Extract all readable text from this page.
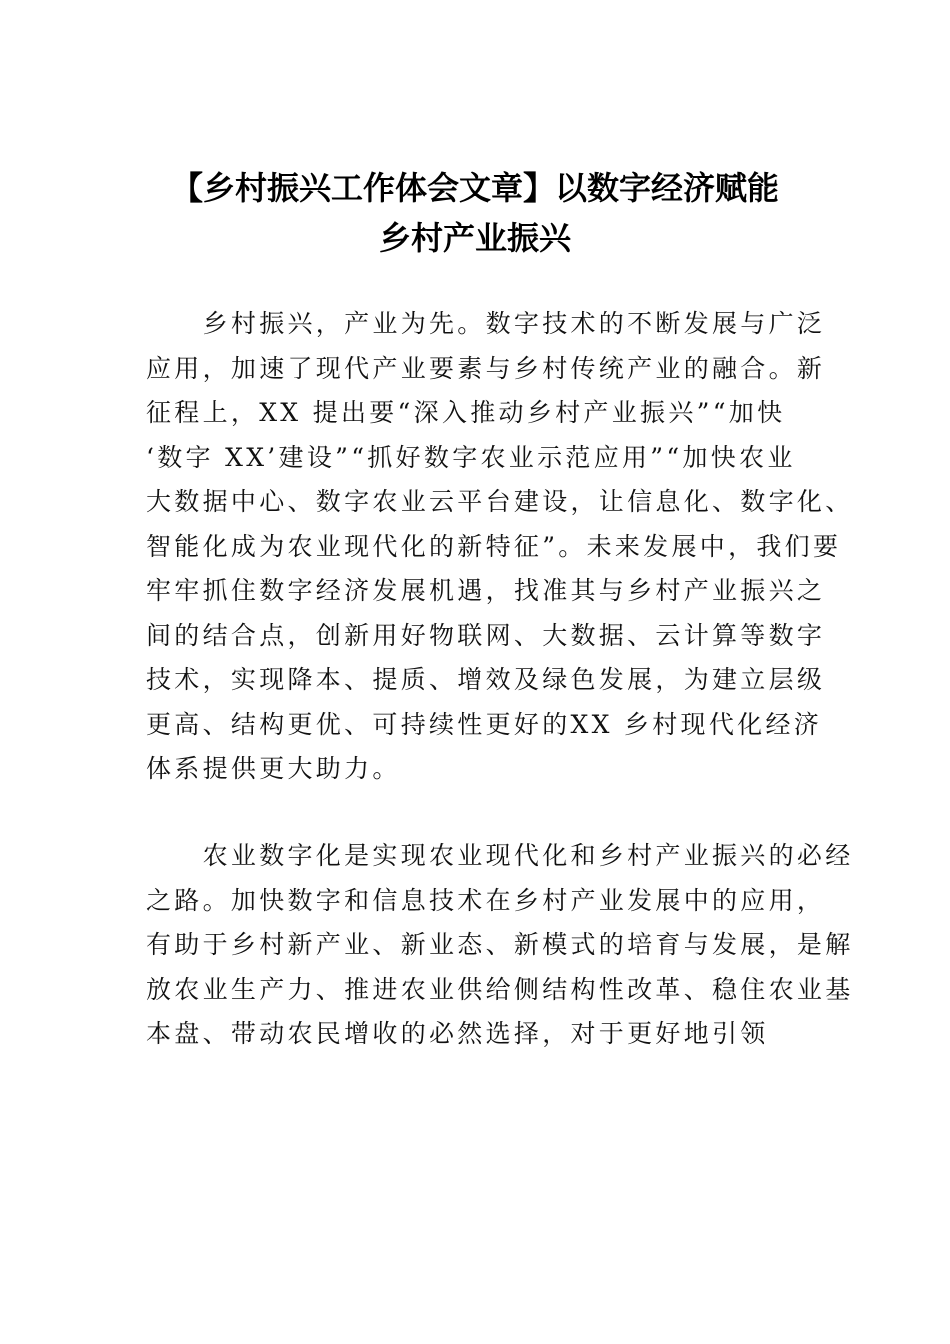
【乡村振兴工作体会文章】以数字经济赋能
乡村产业振兴
　　乡村振兴，产业为先。数字技术的不断发展与广泛
应用，加速了现代产业要素与乡村传统产业的融合。新
征程上，XX 提出要“深入推动乡村产业振兴”“加快
‘数字 XX’建设”“抓好数字农业示范应用”“加快农业
大数据中心、数字农业云平台建设，让信息化、数字化、
智能化成为农业现代化的新特征”。未来发展中，我们要
牢牢抓住数字经济发展机遇，找准其与乡村产业振兴之
间的结合点，创新用好物联网、大数据、云计算等数字
技术，实现降本、提质、增效及绿色发展，为建立层级
更高、结构更优、可持续性更好的XX 乡村现代化经济
体系提供更大助力。
　　农业数字化是实现农业现代化和乡村产业振兴的必经
之路。加快数字和信息技术在乡村产业发展中的应用，
有助于乡村新产业、新业态、新模式的培育与发展，是解
放农业生产力、推进农业供给侧结构性改革、稳住农业基
本盘、带动农民增收的必然选择，对于更好地引领
